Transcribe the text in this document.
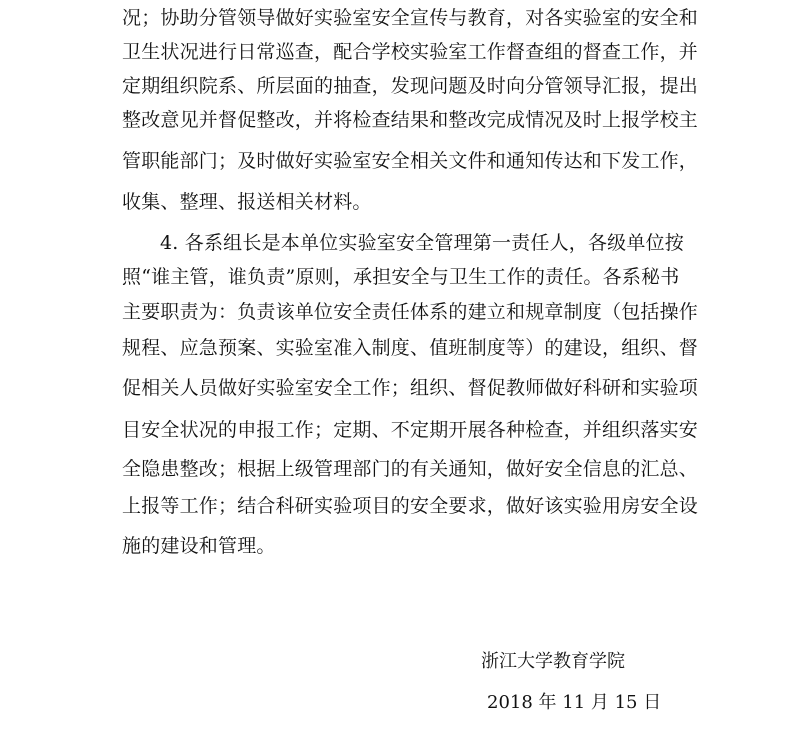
况；协助分管领导做好实验室安全宣传与教育，对各实验室的安全和
卫生状况进行日常巡查，配合学校实验室工作督查组的督查工作，并
定期组织院系、所层面的抽查，发现问题及时向分管领导汇报，提出
整改意见并督促整改，并将检查结果和整改完成情况及时上报学校主
管职能部门；及时做好实验室安全相关文件和通知传达和下发工作，
收集、整理、报送相关材料。
4. 各系组长是本单位实验室安全管理第一责任人，各级单位按
照“谁主管，谁负责”原则，承担安全与卫生工作的责任。各系秘书
主要职责为：负责该单位安全责任体系的建立和规章制度（包括操作
规程、应急预案、实验室准入制度、值班制度等）的建设，组织、督
促相关人员做好实验室安全工作；组织、督促教师做好科研和实验项
目安全状况的申报工作；定期、不定期开展各种检查，并组织落实安
全隐患整改；根据上级管理部门的有关通知，做好安全信息的汇总、
上报等工作；结合科研实验项目的安全要求，做好该实验用房安全设
施的建设和管理。
浙江大学教育学院
2018 年 11 月 15 日
